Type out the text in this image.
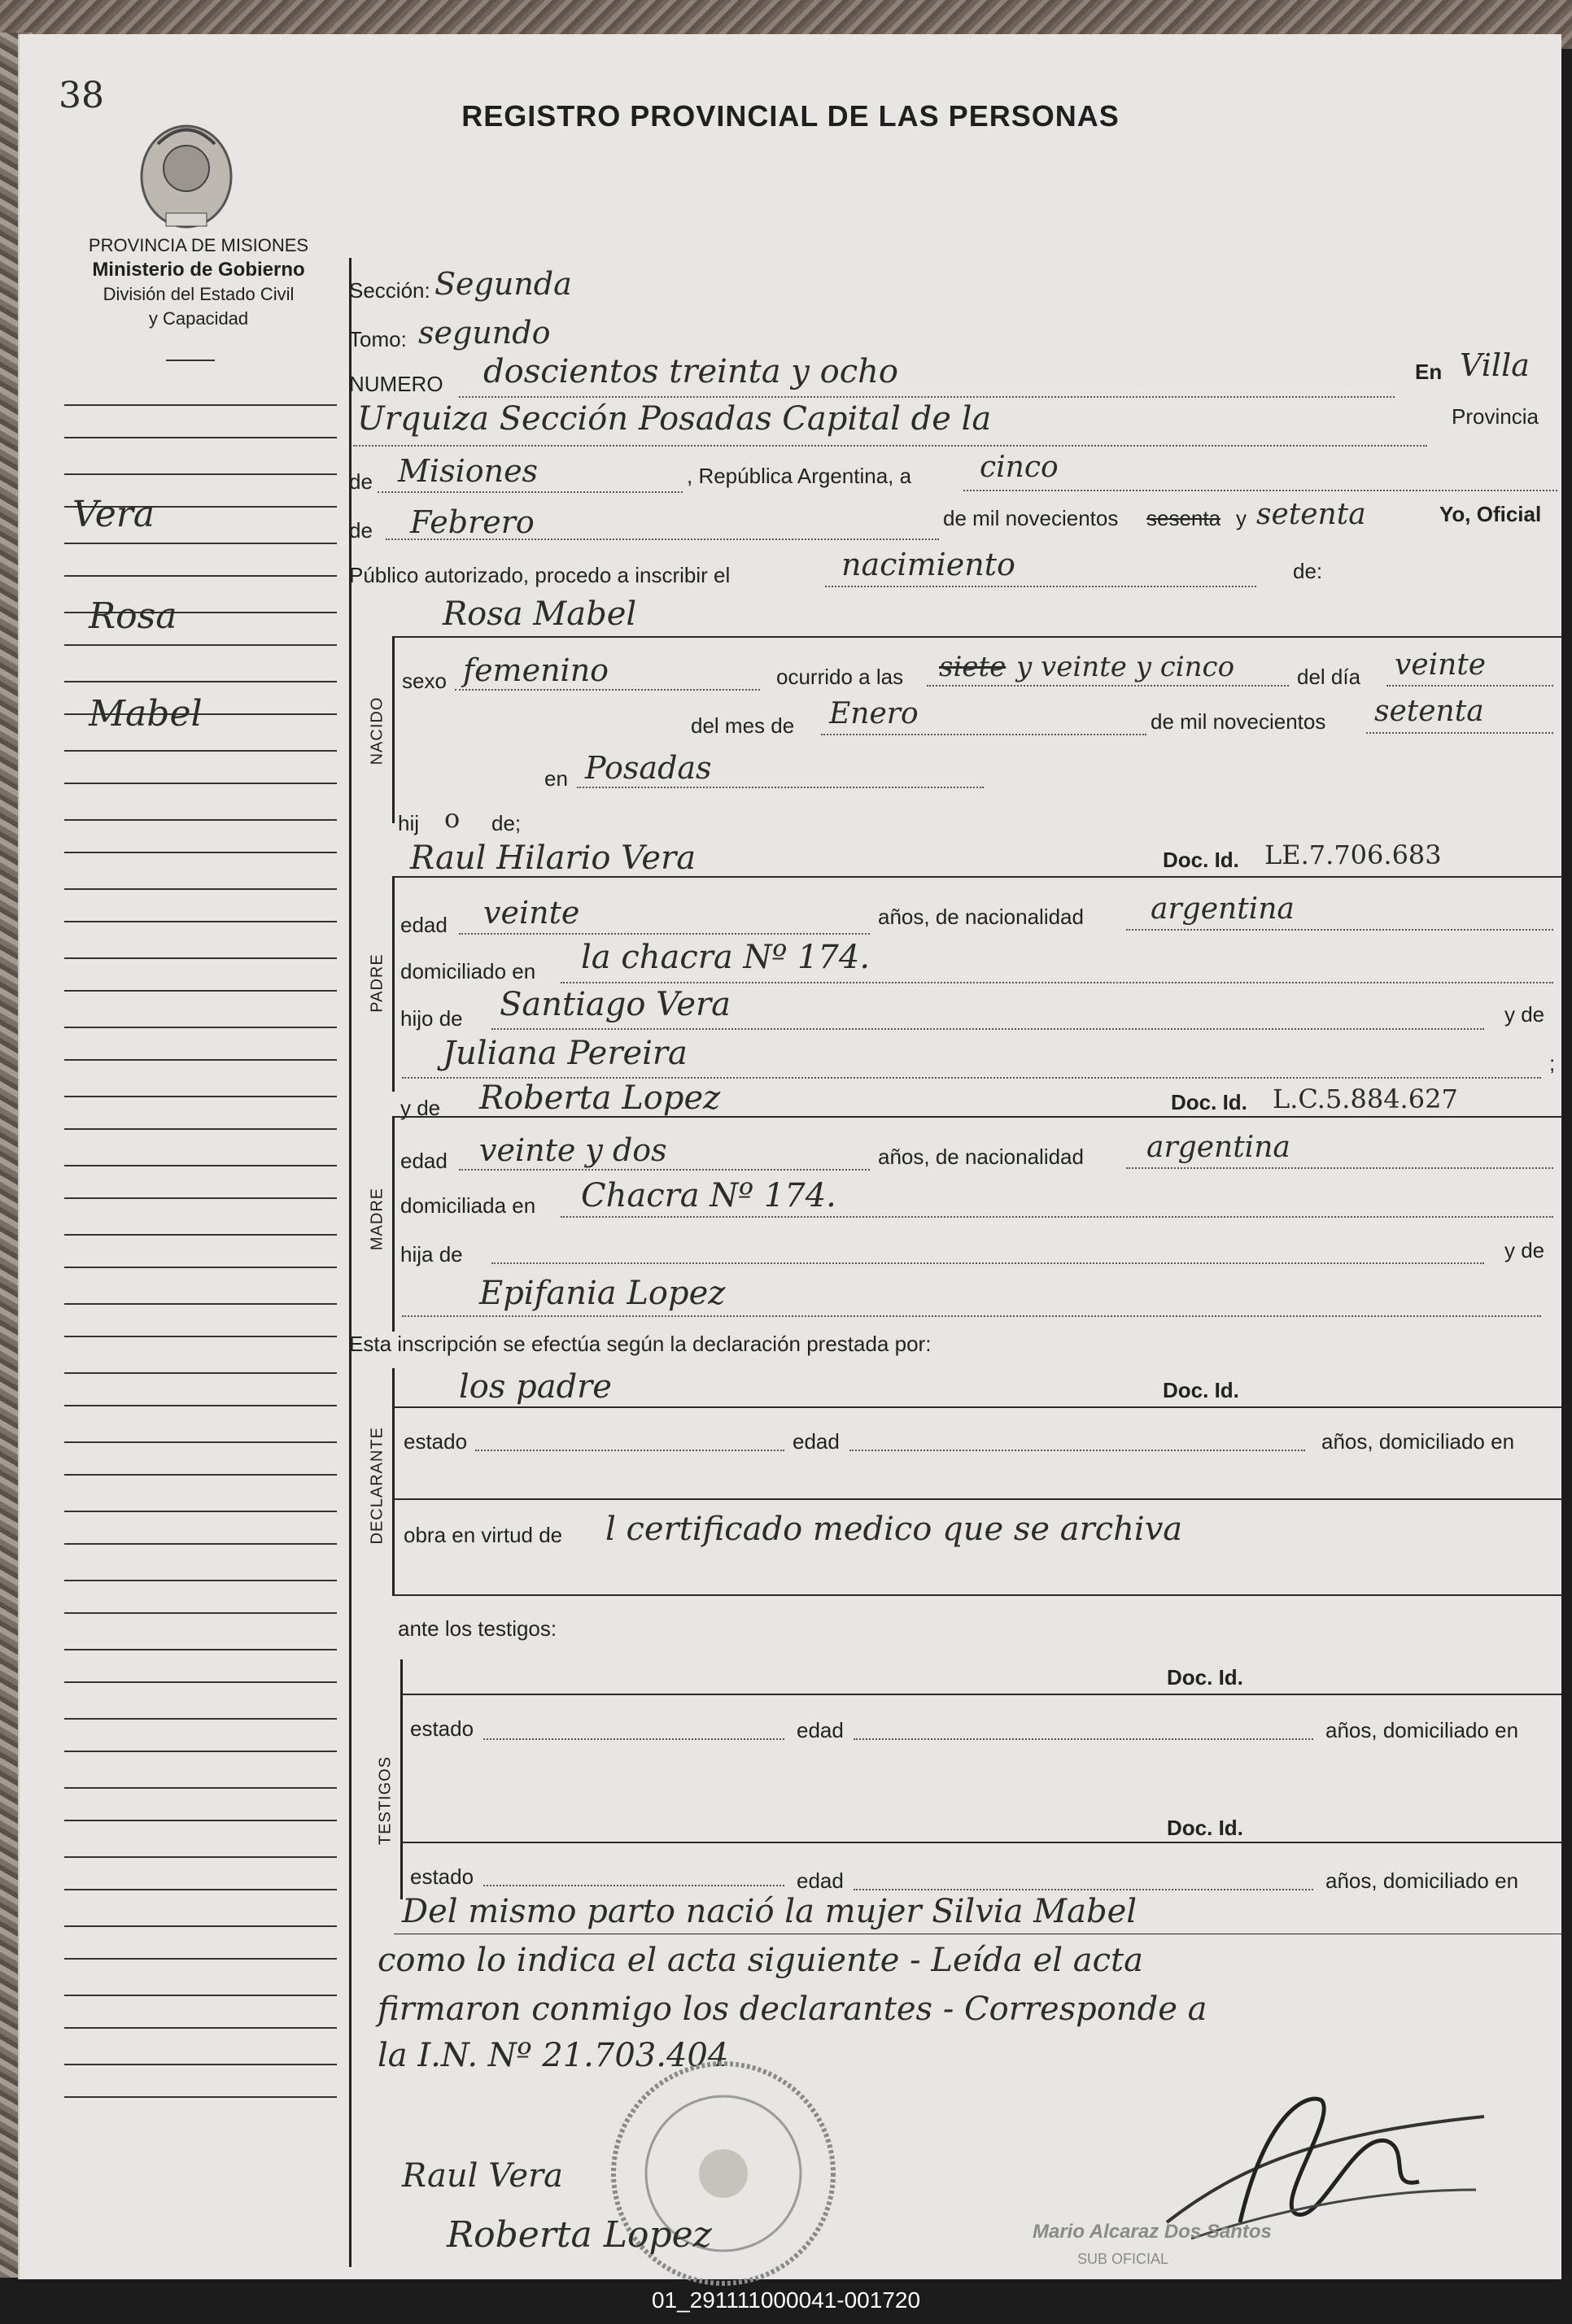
38	REGISTRO PROVINCIAL DE LAS PERSONAS
PROVINCIA DE MISIONES
Ministerio de Gobierno
División del Estado Civil
y Capacidad
Vera
Rosa
Mabel
Sección: Segunda
Tomo: segundo
NUMERO doscientos treinta y ocho	En Villa
Urquiza Sección Posadas Capital de la	Provincia
de Misiones	, República Argentina, a cinco
de Febrero	de mil novecientos sesenta y setenta	Yo, Oficial
Público autorizado, procedo a inscribir el	nacimiento	de:
Rosa Mabel
NACIDO
sexo femenino	ocurrido a las siete y veinte y cinco	del día veinte
del mes de Enero	de mil novecientos setenta
en Posadas
hij o de;
Raul Hilario Vera	Doc. Id. LE.7.706.683
PADRE
edad veinte	años, de nacionalidad argentina
domiciliado en la chacra Nº 174.
hijo de Santiago Vera	y de
Juliana Pereira	;
y de Roberta Lopez	Doc. Id. L.C.5.884.627
MADRE
edad veinte y dos	años, de nacionalidad argentina
domiciliada en Chacra Nº 174.
hija de	y de
Epifania Lopez
Esta inscripción se efectúa según la declaración prestada por:
DECLARANTE
los padre	Doc. Id.
estado	edad	años, domiciliado en
obra en virtud de l certificado medico que se archiva
ante los testigos:
TESTIGOS
Doc. Id.
estado	edad	años, domiciliado en
Doc. Id.
estado	edad	años, domiciliado en
Del mismo parto nació la mujer Silvia Mabel
como lo indica el acta siguiente - Leída el acta
firmaron conmigo los declarantes - Corresponde a
la I.N. Nº 21.703.404
Raul Vera
Roberta Lopez	Mario Alcaraz Dos Santos
SUB OFICIAL
01_291111000041-001720
